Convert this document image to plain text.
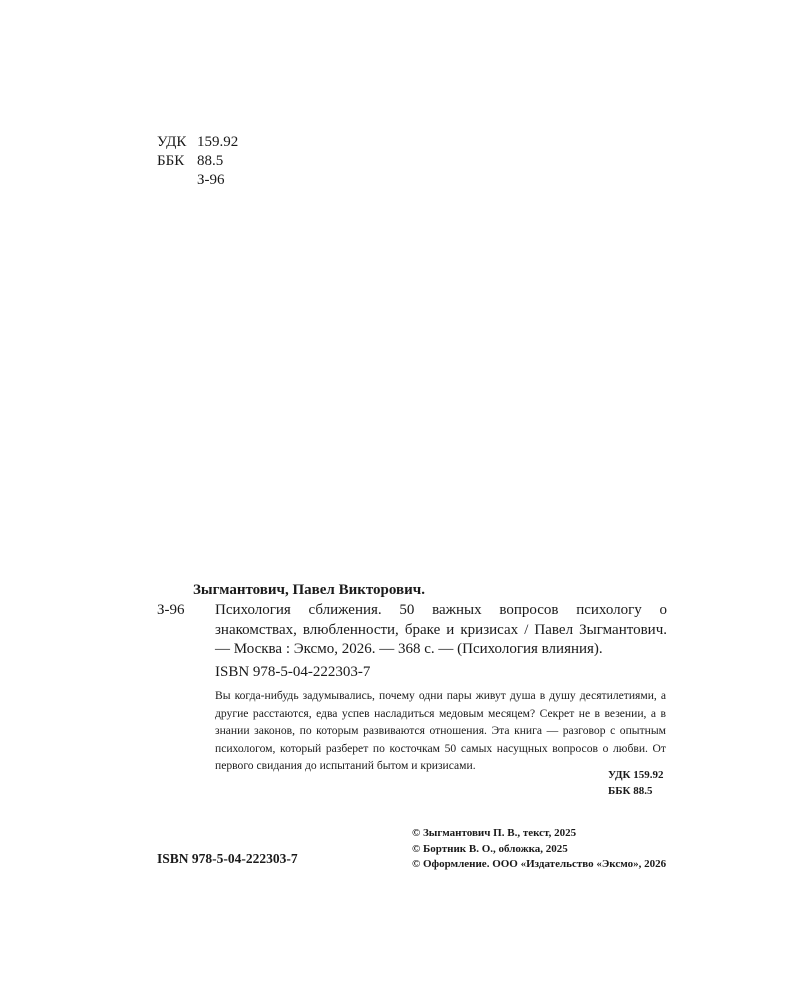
УДК 159.92
ББК 88.5
З-96
Зыгмантович, Павел Викторович.
З-96 Психология сближения. 50 важных вопросов психологу о знакомствах, влюбленности, браке и кризисах / Павел Зыгмантович. — Москва : Эксмо, 2026. — 368 с. — (Психология влияния).
ISBN 978-5-04-222303-7
Вы когда-нибудь задумывались, почему одни пары живут душа в душу десятилетиями, а другие расстаются, едва успев насладиться медовым месяцем? Секрет не в везении, а в знании законов, по которым развиваются отношения. Эта книга — разговор с опытным психологом, который разберет по косточкам 50 самых насущных вопросов о любви. От первого свидания до испытаний бытом и кризисами.
УДК 159.92
ББК 88.5
ISBN 978-5-04-222303-7
© Зыгмантович П. В., текст, 2025
© Бортник В. О., обложка, 2025
© Оформление. ООО «Издательство «Эксмо», 2026
